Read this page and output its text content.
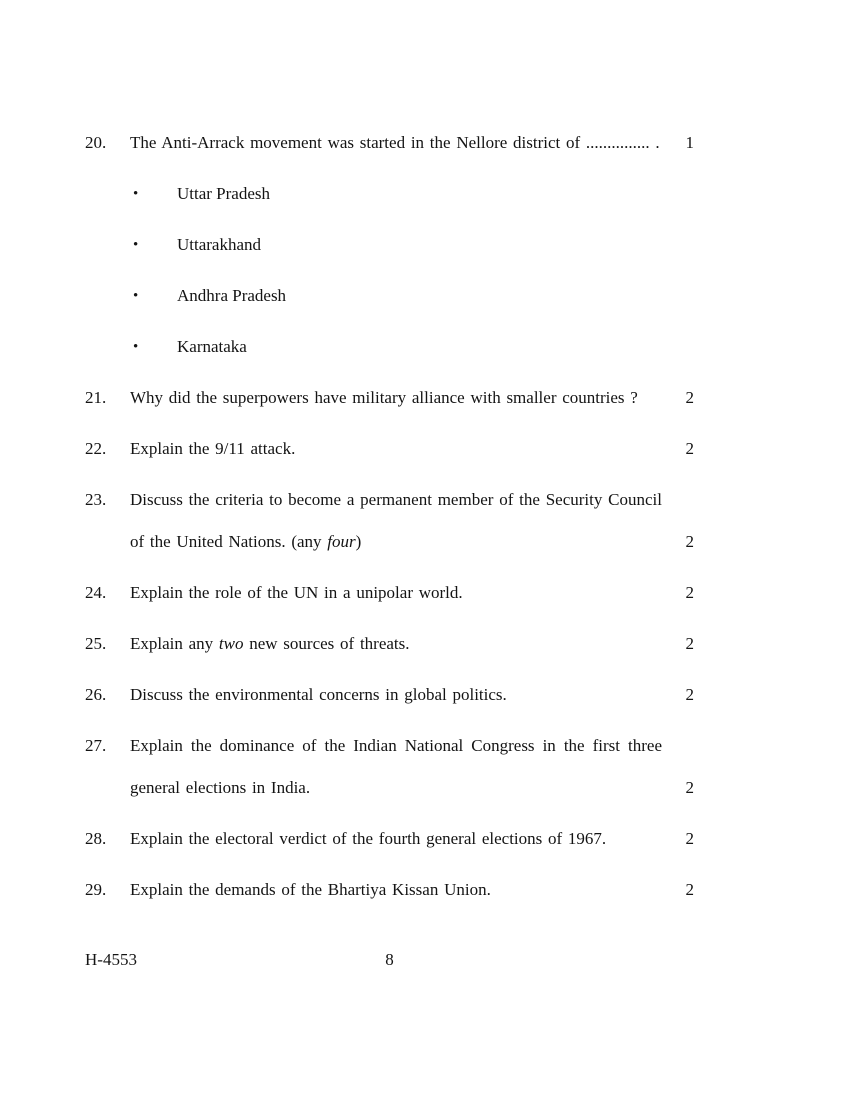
20.	The Anti-Arrack movement was started in the Nellore district of ............... .	1
•	Uttar Pradesh
•	Uttarakhand
•	Andhra Pradesh
•	Karnataka
21.	Why did the superpowers have military alliance with smaller countries ?	2
22.	Explain the 9/11 attack.	2
23.	Discuss the criteria to become a permanent member of the Security Council of the United Nations. (any four)	2
24.	Explain the role of the UN in a unipolar world.	2
25.	Explain any two new sources of threats.	2
26.	Discuss the environmental concerns in global politics.	2
27.	Explain the dominance of the Indian National Congress in the first three general elections in India.	2
28.	Explain the electoral verdict of the fourth general elections of 1967.	2
29.	Explain the demands of the Bhartiya Kissan Union.	2
H-4553	8
